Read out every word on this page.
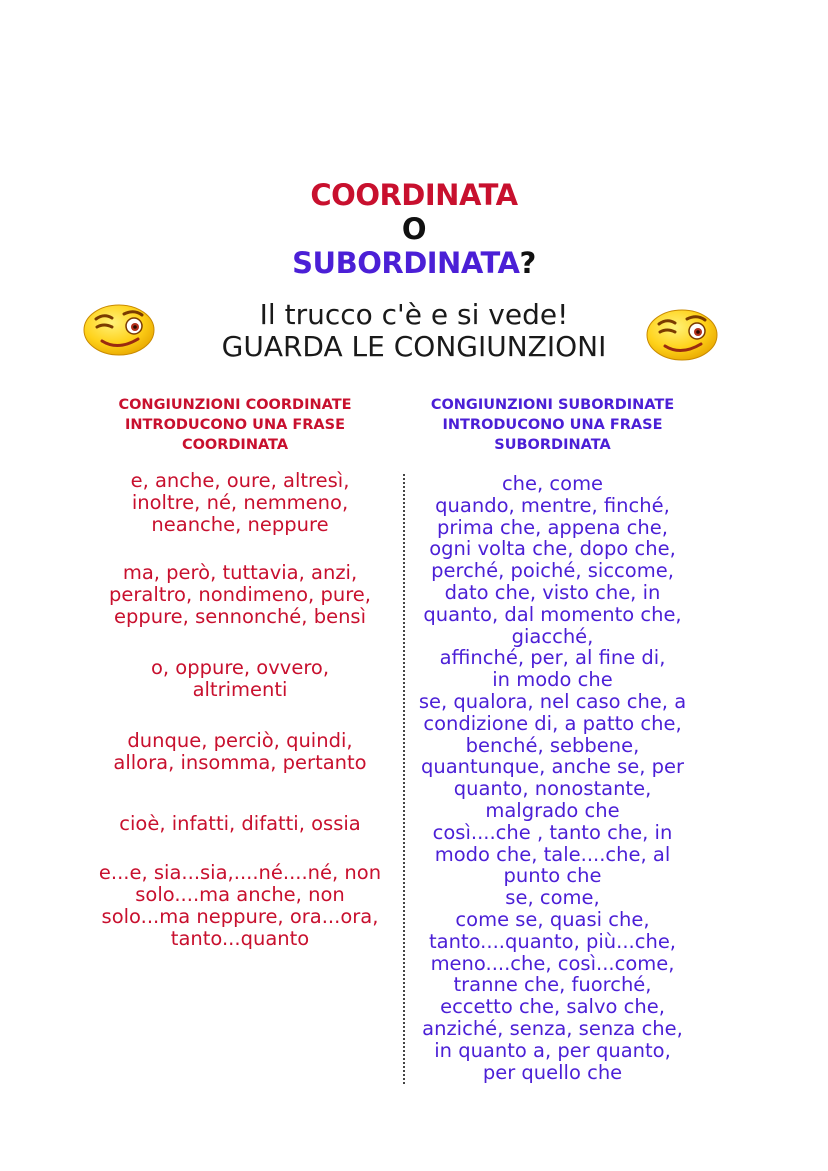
COORDINATA
O
SUBORDINATA?
Il trucco c'è e si vede!
GUARDA LE CONGIUNZIONI
CONGIUNZIONI COORDINATE
INTRODUCONO UNA FRASE
COORDINATA
CONGIUNZIONI SUBORDINATE
INTRODUCONO UNA FRASE
SUBORDINATA
e, anche, oure, altresì,
inoltre, né, nemmeno,
neanche, neppure
ma, però, tuttavia, anzi,
peraltro, nondimeno, pure,
eppure, sennonché, bensì
o, oppure, ovvero,
altrimenti
dunque, perciò, quindi,
allora, insomma, pertanto
cioè, infatti, difatti, ossia
e...e, sia...sia,....né....né, non
solo....ma anche, non
solo...ma neppure, ora...ora,
tanto...quanto
che, come
quando, mentre, finché,
prima che, appena che,
ogni volta che, dopo che,
perché, poiché, siccome,
dato che, visto che, in
quanto, dal momento che,
giacché,
affinché, per, al fine di,
in modo che
se, qualora, nel caso che, a
condizione di, a patto che,
benché, sebbene,
quantunque, anche se, per
quanto, nonostante,
malgrado che
così....che , tanto che, in
modo che, tale....che, al
punto che
se, come,
come se, quasi che,
tanto....quanto, più...che,
meno....che, così...come,
tranne che, fuorché,
eccetto che, salvo che,
anziché, senza, senza che,
in quanto a, per quanto,
per quello che
